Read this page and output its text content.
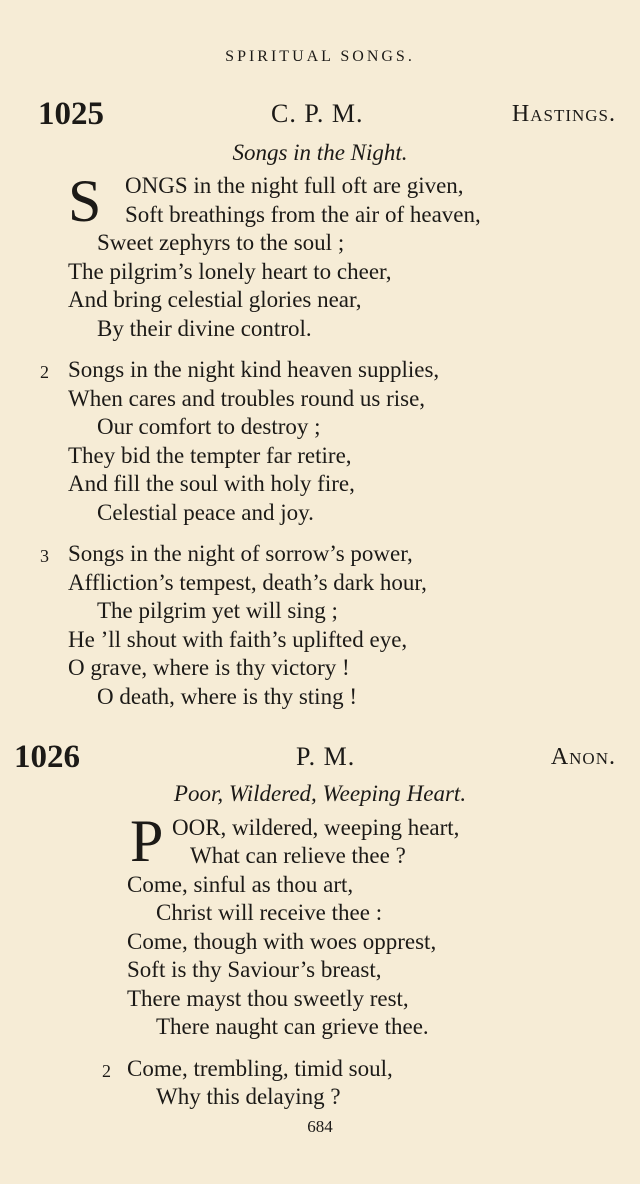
SPIRITUAL SONGS.
1025	C. P. M.	Hastings.
Songs in the Night.
S ONGS in the night full oft are given,
Soft breathings from the air of heaven,
Sweet zephyrs to the soul ;
The pilgrim’s lonely heart to cheer,
And bring celestial glories near,
By their divine control.
2 Songs in the night kind heaven supplies,
When cares and troubles round us rise,
Our comfort to destroy ;
They bid the tempter far retire,
And fill the soul with holy fire,
Celestial peace and joy.
3 Songs in the night of sorrow’s power,
Affliction’s tempest, death’s dark hour,
The pilgrim yet will sing ;
He ’ll shout with faith’s uplifted eye,
O grave, where is thy victory !
O death, where is thy sting !
1026	P. M.	Anon.
Poor, Wildered, Weeping Heart.
P OOR, wildered, weeping heart,
What can relieve thee ?
Come, sinful as thou art,
Christ will receive thee :
Come, though with woes opprest,
Soft is thy Saviour’s breast,
There mayst thou sweetly rest,
There naught can grieve thee.
2 Come, trembling, timid soul,
Why this delaying ?
684
